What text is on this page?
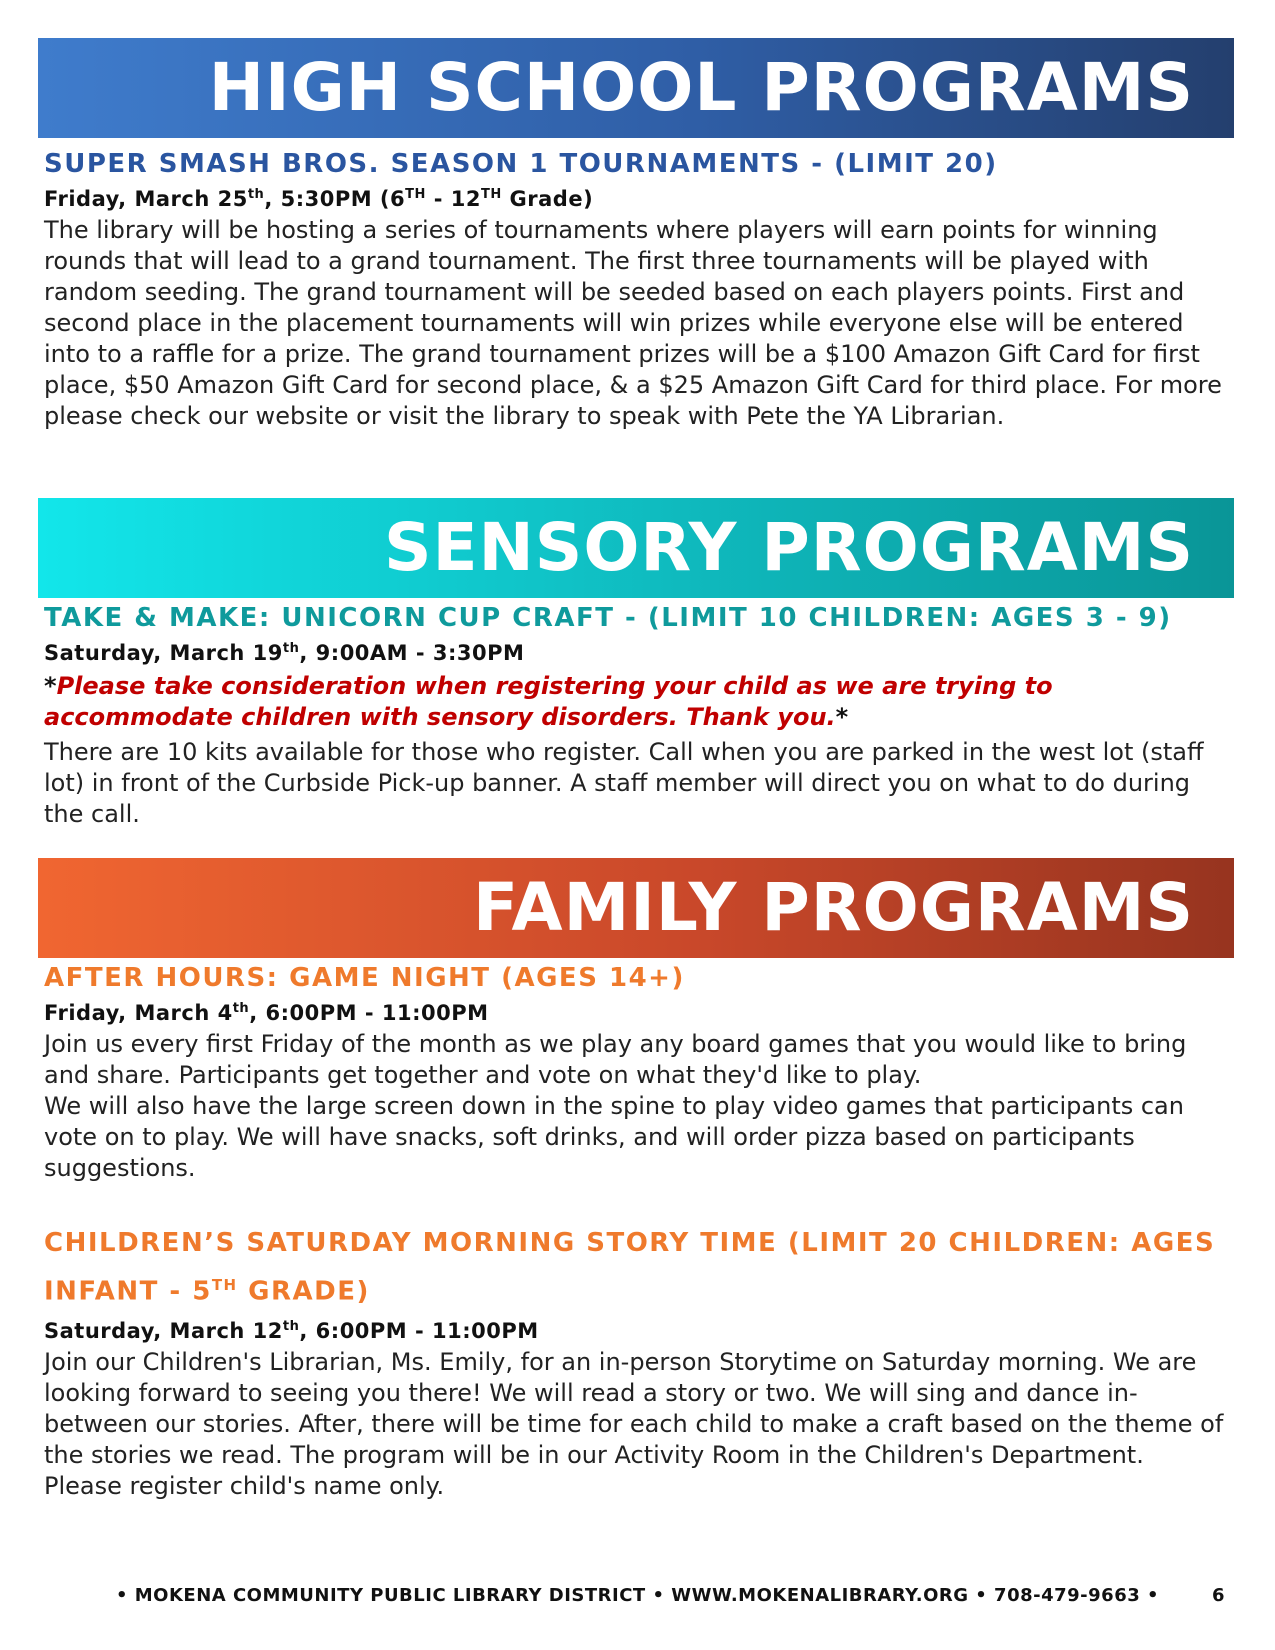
HIGH SCHOOL PROGRAMS

SUPER SMASH BROS. SEASON 1 TOURNAMENTS - (LIMIT 20)

Friday, March 25th, 5:30PM (6TH - 12TH Grade)

The library will be hosting a series of tournaments where players will earn points for winning rounds that will lead to a grand tournament. The first three tournaments will be played with random seeding. The grand tournament will be seeded based on each players points. First and second place in the placement tournaments will win prizes while everyone else will be entered into to a raffle for a prize. The grand tournament prizes will be a $100 Amazon Gift Card for first place, $50 Amazon Gift Card for second place, & a $25 Amazon Gift Card for third place. For more please check our website or visit the library to speak with Pete the YA Librarian.

SENSORY PROGRAMS

TAKE & MAKE: UNICORN CUP CRAFT - (LIMIT 10 CHILDREN: AGES 3 - 9)

Saturday, March 19th, 9:00AM - 3:30PM

*Please take consideration when registering your child as we are trying to accommodate children with sensory disorders. Thank you.*

There are 10 kits available for those who register. Call when you are parked in the west lot (staff lot) in front of the Curbside Pick-up banner. A staff member will direct you on what to do during the call.

FAMILY PROGRAMS

AFTER HOURS: GAME NIGHT (AGES 14+)

Friday, March 4th, 6:00PM - 11:00PM

Join us every first Friday of the month as we play any board games that you would like to bring and share. Participants get together and vote on what they'd like to play.
We will also have the large screen down in the spine to play video games that participants can vote on to play. We will have snacks, soft drinks, and will order pizza based on participants suggestions.

CHILDREN’S SATURDAY MORNING STORY TIME (LIMIT 20 CHILDREN: AGES INFANT - 5TH GRADE)

Saturday, March 12th, 6:00PM - 11:00PM

Join our Children's Librarian, Ms. Emily, for an in-person Storytime on Saturday morning. We are looking forward to seeing you there! We will read a story or two. We will sing and dance in-between our stories. After, there will be time for each child to make a craft based on the theme of the stories we read. The program will be in our Activity Room in the Children's Department. Please register child's name only.

• MOKENA COMMUNITY PUBLIC LIBRARY DISTRICT • WWW.MOKENALIBRARY.ORG • 708-479-9663 •	6
